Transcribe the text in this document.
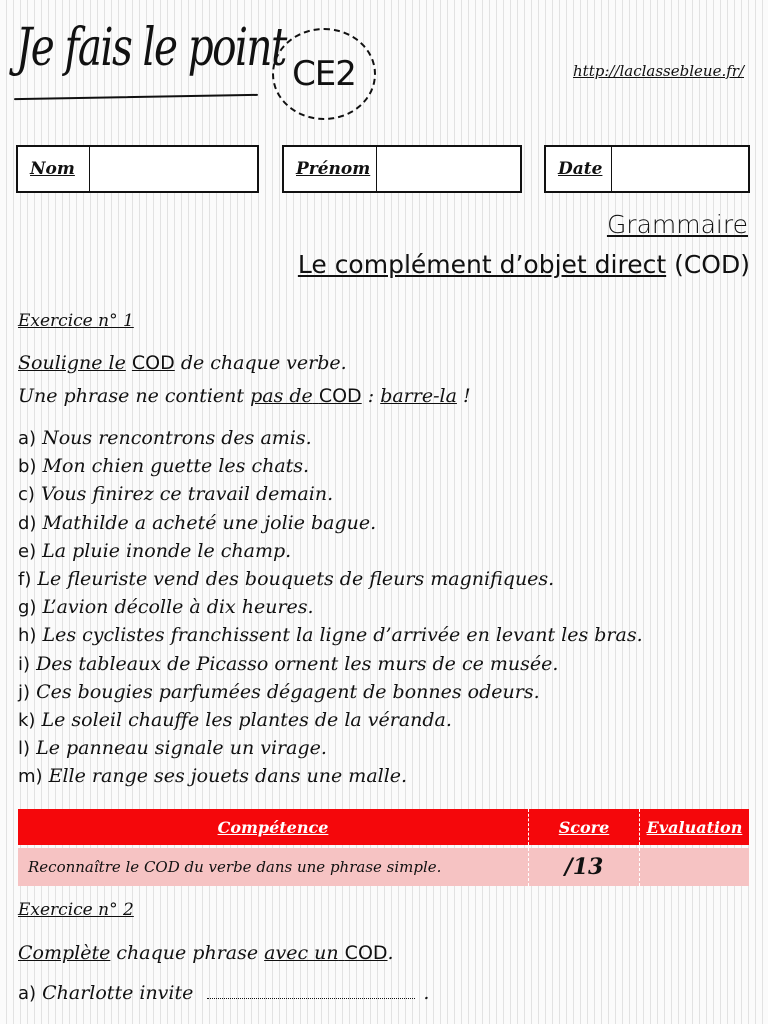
Je fais le point CE2	http://laclassebleue.fr/
Nom	Prénom	Date
Grammaire
Le complément d’objet direct (COD)
Exercice n° 1
Souligne le COD de chaque verbe.
Une phrase ne contient pas de COD : barre-la !
a) Nous rencontrons des amis.
b) Mon chien guette les chats.
c) Vous finirez ce travail demain.
d) Mathilde a acheté une jolie bague.
e) La pluie inonde le champ.
f) Le fleuriste vend des bouquets de fleurs magnifiques.
g) L’avion décolle à dix heures.
h) Les cyclistes franchissent la ligne d’arrivée en levant les bras.
i) Des tableaux de Picasso ornent les murs de ce musée.
j) Ces bougies parfumées dégagent de bonnes odeurs.
k) Le soleil chauffe les plantes de la véranda.
l) Le panneau signale un virage.
m) Elle range ses jouets dans une malle.
Compétence	Score	Evaluation
Reconnaître le COD du verbe dans une phrase simple.	/13
Exercice n° 2
Complète chaque phrase avec un COD.
a) Charlotte invite	.
